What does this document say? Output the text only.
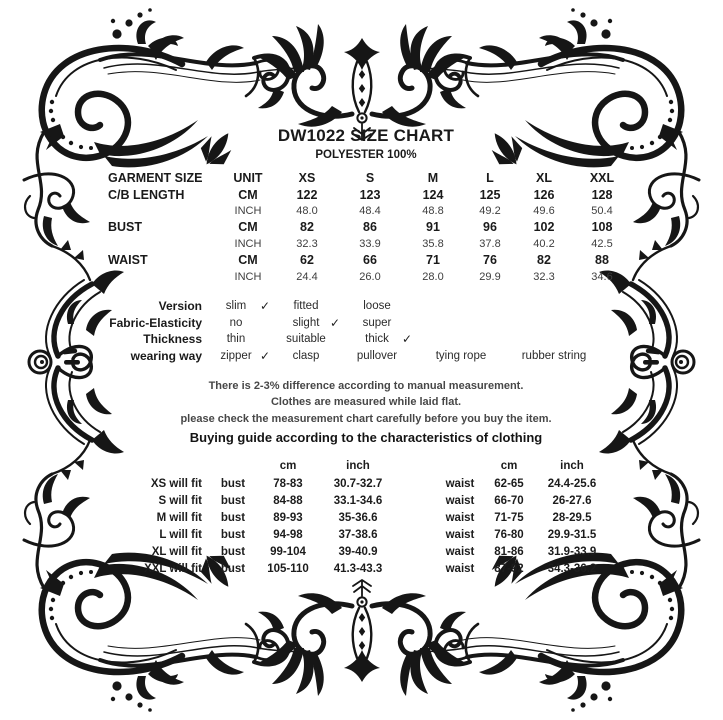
DW1022 SIZE CHART
POLYESTER 100%
GARMENT SIZE	UNIT	XS	S	M	L	XL	XXL
C/B LENGTH	CM	122	123	124	125	126	128
INCH	48.0	48.4	48.8	49.2	49.6	50.4
BUST	CM	82	86	91	96	102	108
INCH	32.3	33.9	35.8	37.8	40.2	42.5
WAIST	CM	62	66	71	76	82	88
INCH	24.4	26.0	28.0	29.9	32.3	34.6
Version	slim	✓	fitted	loose
Fabric-Elasticity	no	slight ✓	super
Thickness	thin	suitable	thick	✓
wearing way	zipper ✓	clasp	pullover	tying rope	rubber string
There is 2-3% difference according to manual measurement.
Clothes are measured while laid flat.
please check the measurement chart carefully before you buy the item.
Buying guide according to the characteristics of clothing
cm	inch	cm	inch
XS will fit	bust	78-83	30.7-32.7	waist	62-65	24.4-25.6
S will fit	bust	84-88	33.1-34.6	waist	66-70	26-27.6
M will fit	bust	89-93	35-36.6	waist	71-75	28-29.5
L will fit	bust	94-98	37-38.6	waist	76-80	29.9-31.5
XL will fit	bust	99-104	39-40.9	waist	81-86	31.9-33.9
XXL will fit	bust	105-110	41.3-43.3	waist	87-92	34.3-36.2
